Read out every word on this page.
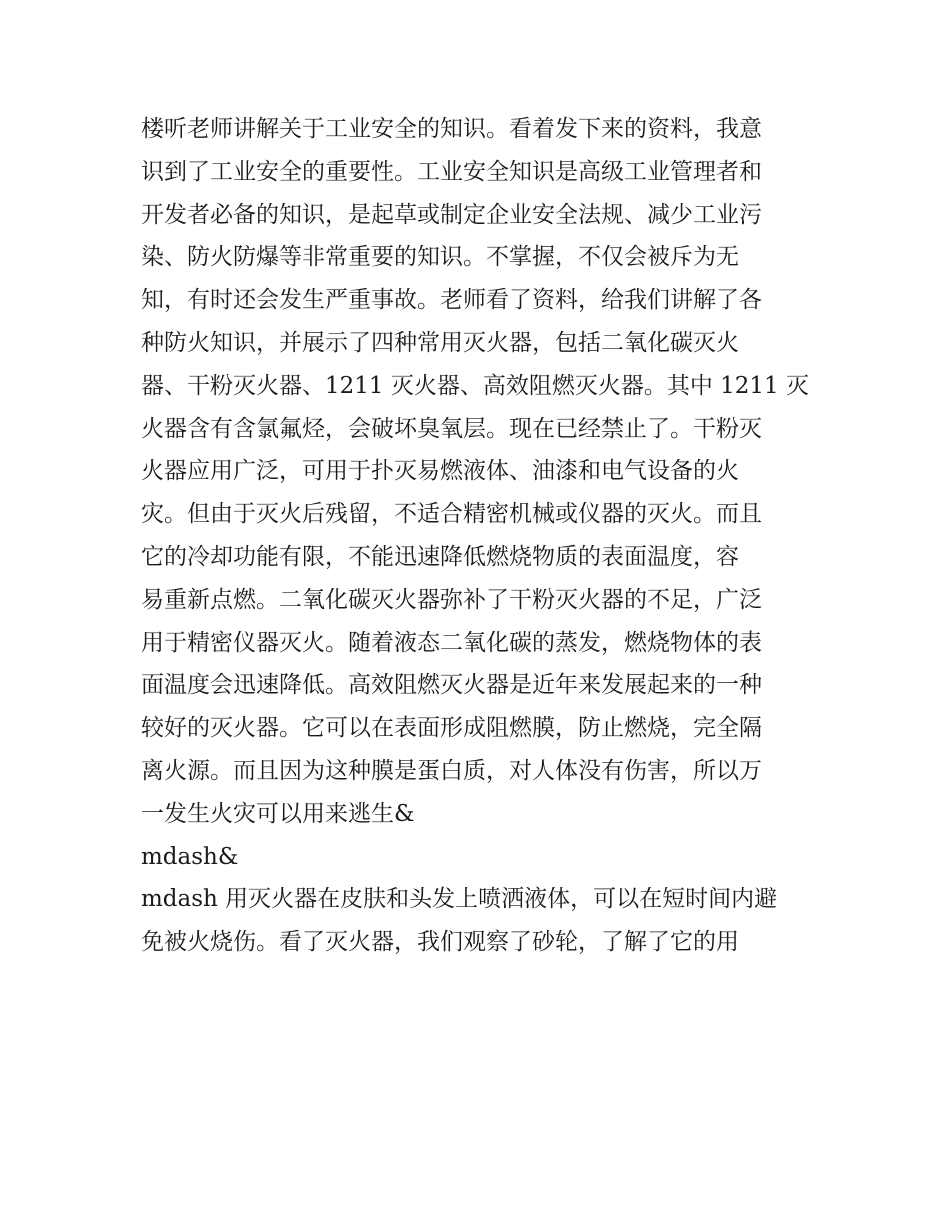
楼听老师讲解关于工业安全的知识。看着发下来的资料，我意
识到了工业安全的重要性。工业安全知识是高级工业管理者和
开发者必备的知识，是起草或制定企业安全法规、减少工业污
染、防火防爆等非常重要的知识。不掌握，不仅会被斥为无
知，有时还会发生严重事故。老师看了资料，给我们讲解了各
种防火知识，并展示了四种常用灭火器，包括二氧化碳灭火
器、干粉灭火器、1211 灭火器、高效阻燃灭火器。其中 1211 灭
火器含有含氯氟烃，会破坏臭氧层。现在已经禁止了。干粉灭
火器应用广泛，可用于扑灭易燃液体、油漆和电气设备的火
灾。但由于灭火后残留，不适合精密机械或仪器的灭火。而且
它的冷却功能有限，不能迅速降低燃烧物质的表面温度，容
易重新点燃。二氧化碳灭火器弥补了干粉灭火器的不足，广泛
用于精密仪器灭火。随着液态二氧化碳的蒸发，燃烧物体的表
面温度会迅速降低。高效阻燃灭火器是近年来发展起来的一种
较好的灭火器。它可以在表面形成阻燃膜，防止燃烧，完全隔
离火源。而且因为这种膜是蛋白质，对人体没有伤害，所以万
一发生火灾可以用来逃生&
mdash&
mdash 用灭火器在皮肤和头发上喷洒液体，可以在短时间内避
免被火烧伤。看了灭火器，我们观察了砂轮，了解了它的用
